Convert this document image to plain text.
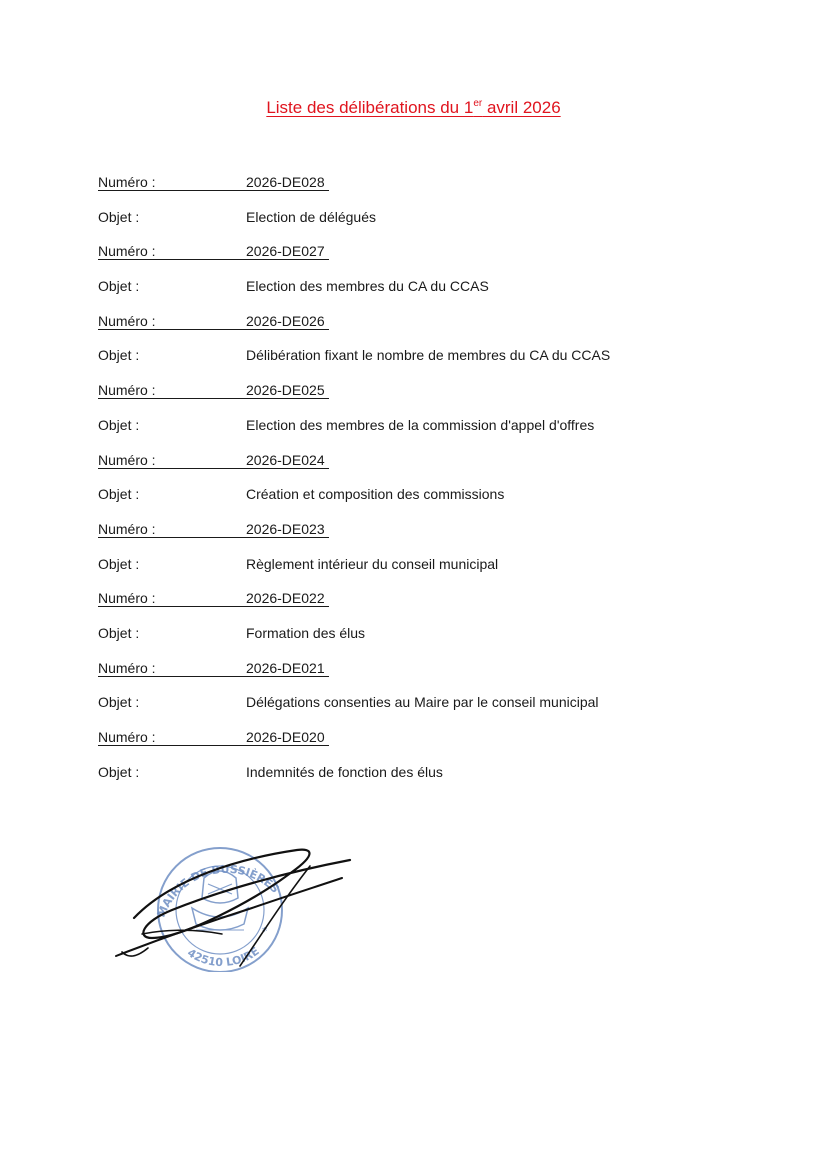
Liste des délibérations du 1er avril 2026
Numéro :	2026-DE028
Objet :	Election de délégués
Numéro :	2026-DE027
Objet :	Election des membres du CA du CCAS
Numéro :	2026-DE026
Objet :	Délibération fixant le nombre de membres du CA du CCAS
Numéro :	2026-DE025
Objet :	Election des membres de la commission d'appel d'offres
Numéro :	2026-DE024
Objet :	Création et composition des commissions
Numéro :	2026-DE023
Objet :	Règlement intérieur du conseil municipal
Numéro :	2026-DE022
Objet :	Formation des élus
Numéro :	2026-DE021
Objet :	Délégations consenties au Maire par le conseil municipal
Numéro :	2026-DE020
Objet :	Indemnités de fonction des élus
MAIRIE DE BUSSIÈRES
42510 LOIRE
*
